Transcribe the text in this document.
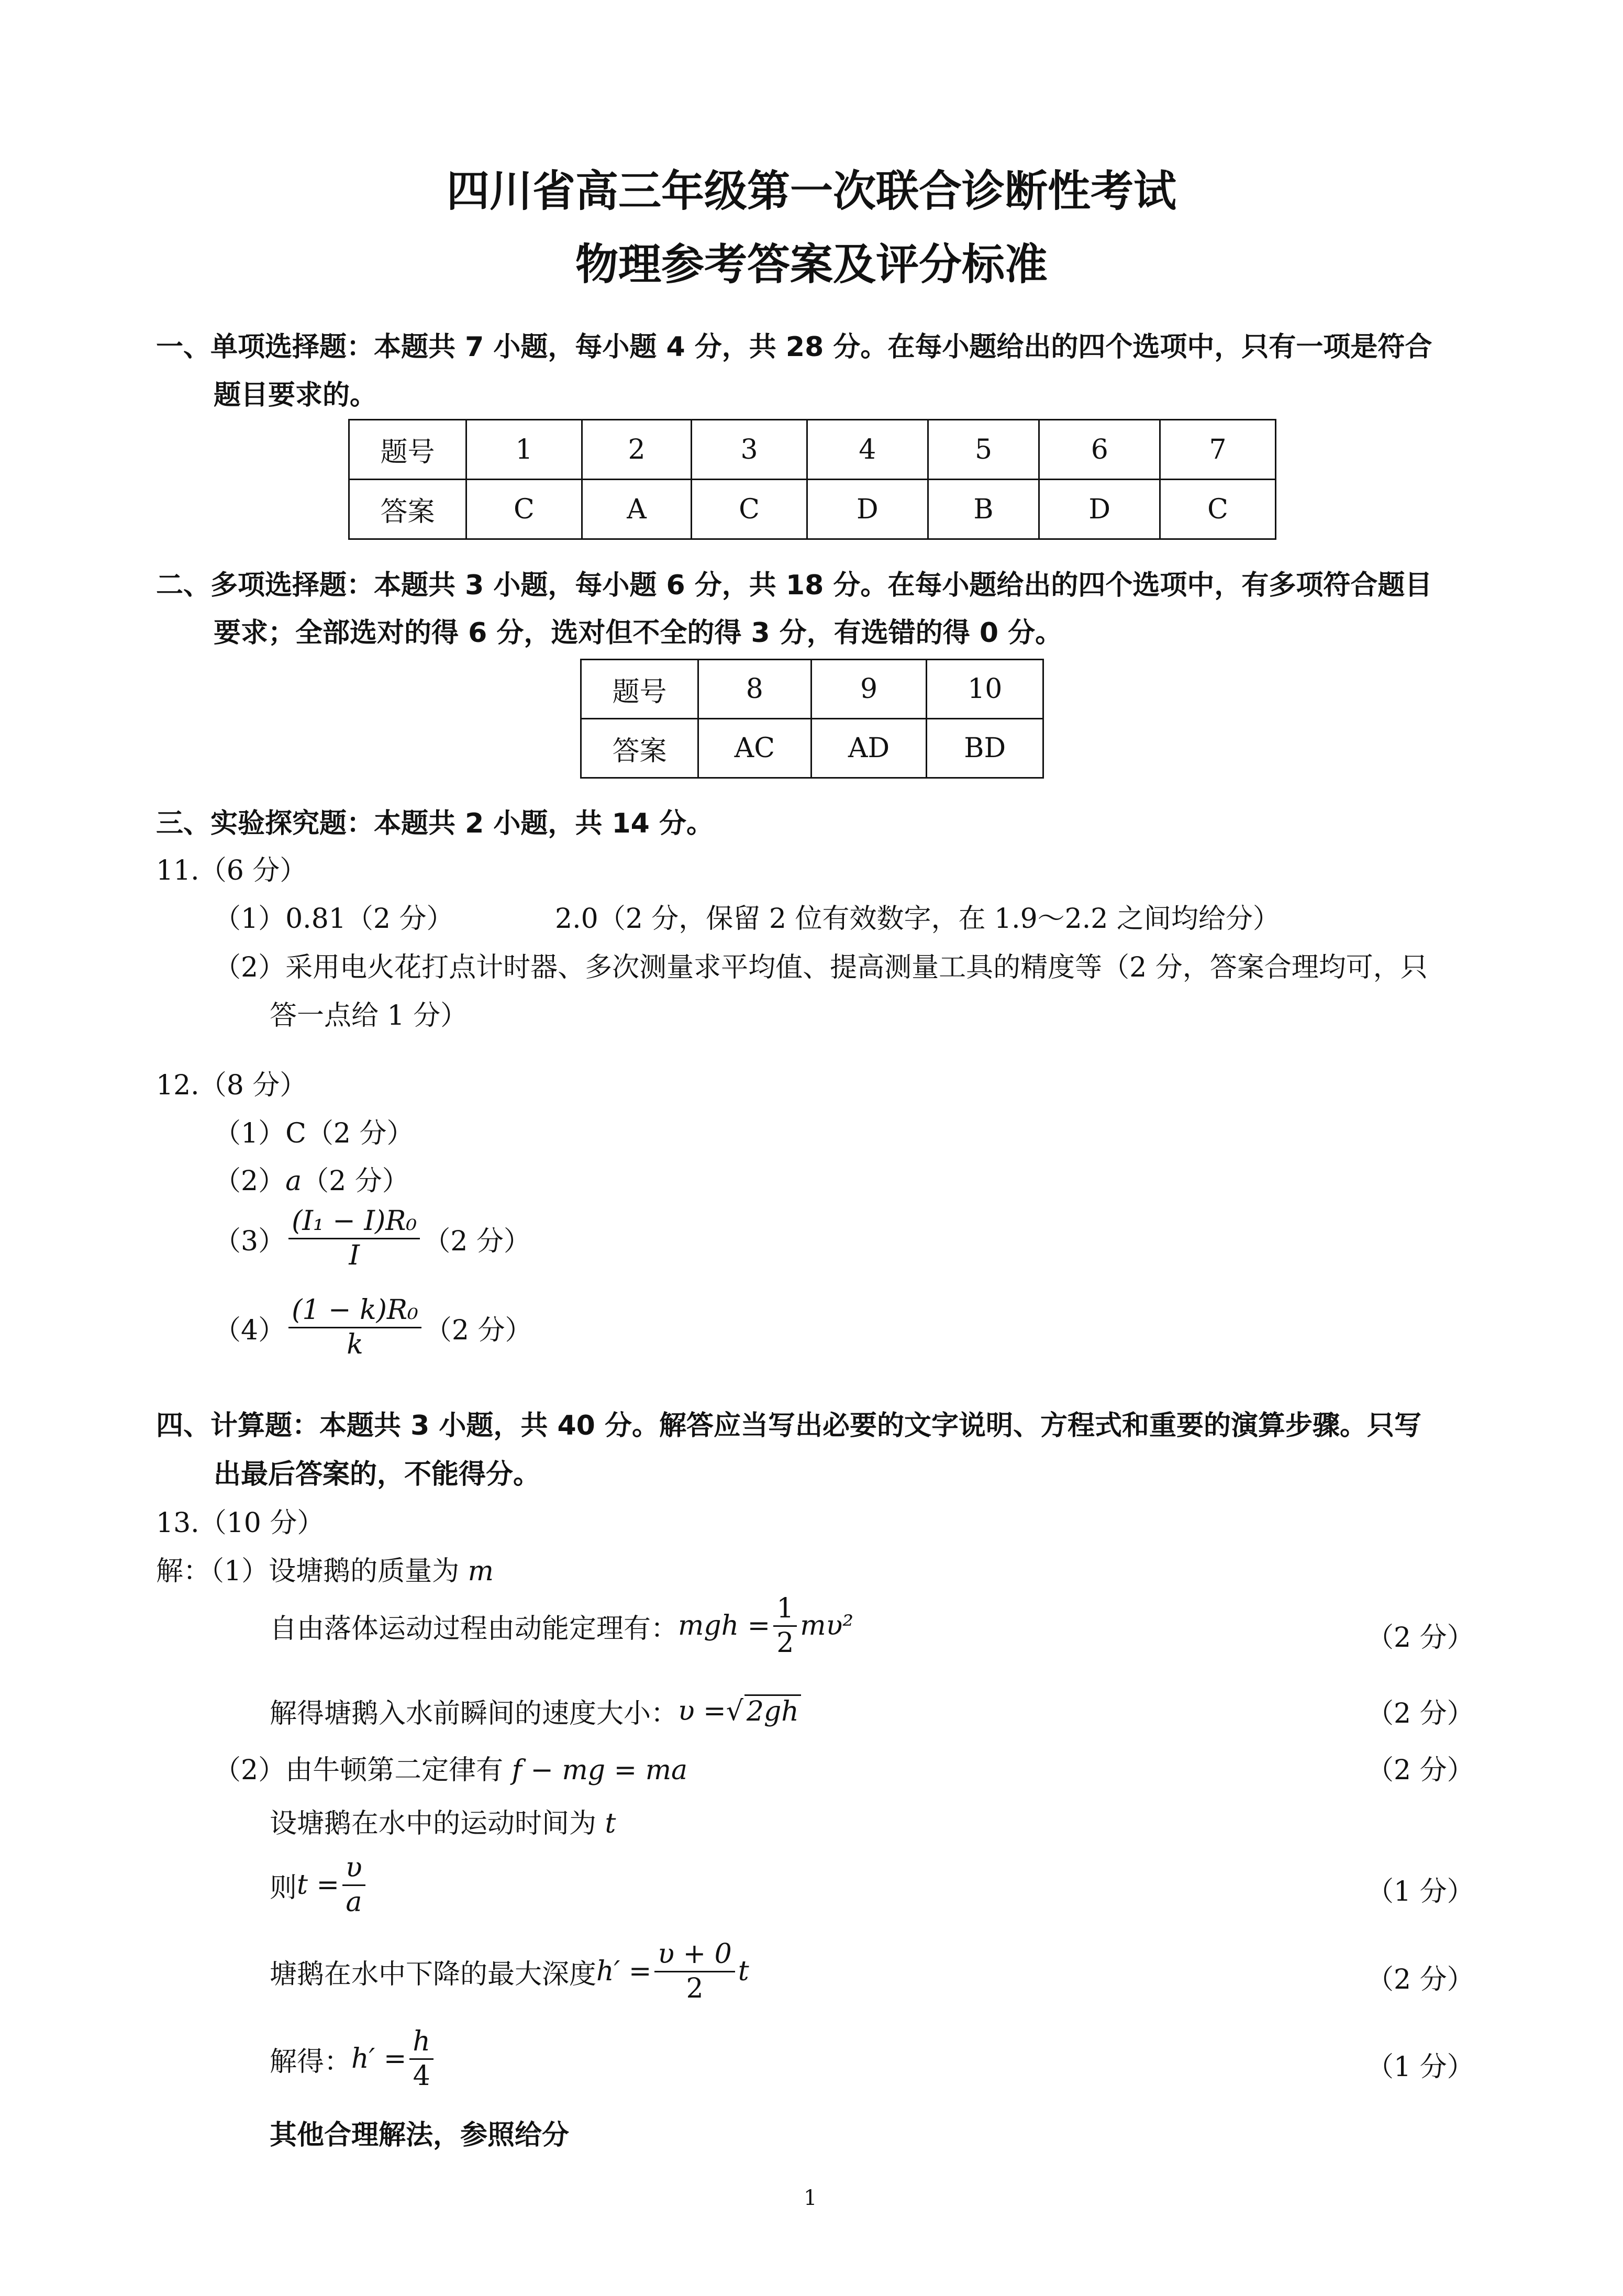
四川省高三年级第一次联合诊断性考试
物理参考答案及评分标准
一、单项选择题：本题共 7 小题，每小题 4 分，共 28 分。在每小题给出的四个选项中，只有一项是符合
题目要求的。
题号	1	2	3	4	5	6	7
答案	C	A	C	D	B	D	C
二、多项选择题：本题共 3 小题，每小题 6 分，共 18 分。在每小题给出的四个选项中，有多项符合题目
要求；全部选对的得 6 分，选对但不全的得 3 分，有选错的得 0 分。
题号	8	9	10
答案	AC	AD	BD
三、实验探究题：本题共 2 小题，共 14 分。
11.（6 分）
（1）0.81（2 分）	2.0（2 分，保留 2 位有效数字，在 1.9～2.2 之间均给分）
（2）采用电火花打点计时器、多次测量求平均值、提高测量工具的精度等（2 分，答案合理均可，只
答一点给 1 分）
12.（8 分）
（1）C（2 分）
（2）a（2 分）
$(3) \frac{\text{(I₁ − I)R₀}}{I} (2$ 分）
$(4) \frac{\text{(1 − k)R₀}}{k} (2$ 分）
四、计算题：本题共 3 小题，共 40 分。解答应当写出必要的文字说明、方程式和重要的演算步骤。只写
出最后答案的，不能得分。
13.（10 分）
解：（1）设塘鹅的质量为 m
自由落体运动过程由动能定理有： mgh = $\frac{1}{2} m\upsilon^2$	（2 分）
解得塘鹅入水前瞬间的速度大小： υ = √ 2gh	（2 分）
（2）由牛顿第二定律有 f − mg = ma	（2 分）
设塘鹅在水中的运动时间为 t
则 $t = \frac{\upsilon}{a}$	（1 分）
塘鹅在水中下降的最大深度 $h' = \frac{\upsilon + 0}{2}$ t	（2 分）
解得： $h' = \frac{h}{4}$	（1 分）
其他合理解法，参照给分
1
